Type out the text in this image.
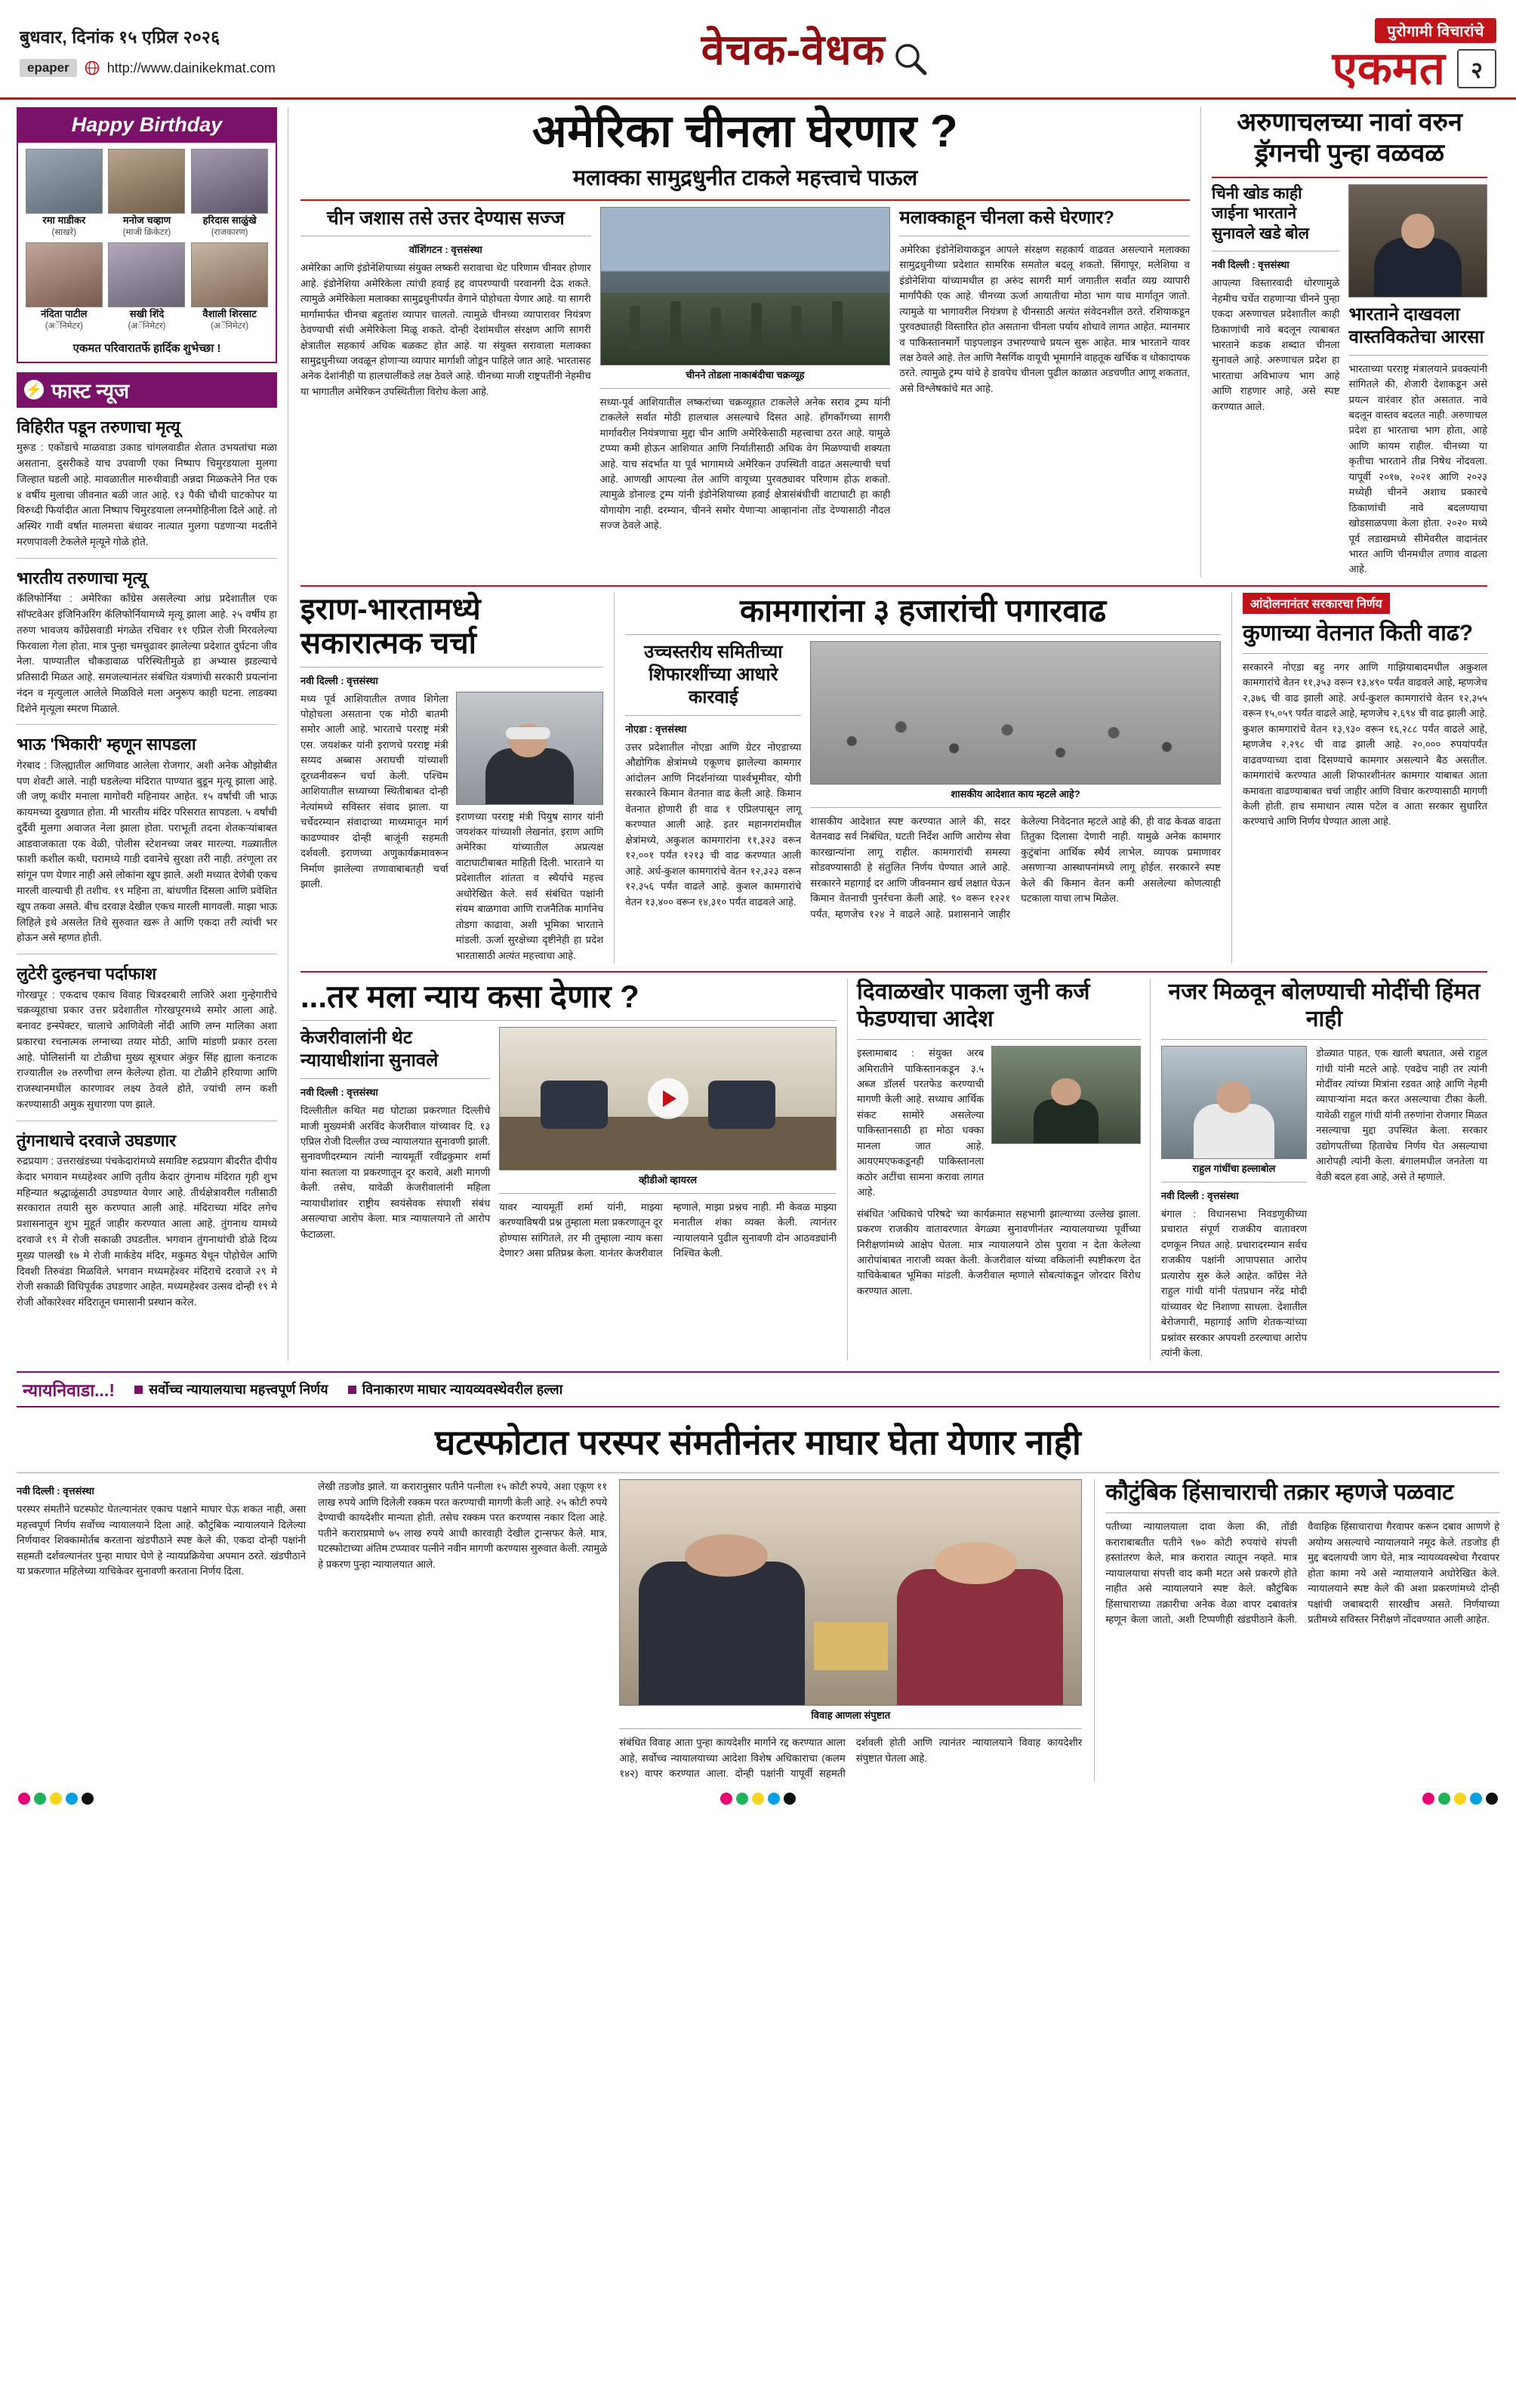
बुधवार, दिनांक १५ एप्रिल २०२६
epaper	http://www.dainikekmat.com	वेचक-वेधक	पुरोगामी विचारांचे
एकमत	२
Happy Birthday
रमा माडीकर
(साखरे)
मनोज चव्हाण
(माजी क्रिकेटर)
हरिदास साळुंखे
(राजकारण)
नंदिता पाटील
(अॅनिमेटर)
सखी शिंदे
(अॅनिमेटर)
वैशाली शिरसाट
(अॅनिमेटर)
एकमत परिवारातर्फे हार्दिक शुभेच्छा !
⚡ फास्ट न्यूज
विहिरीत पडून तरुणाचा मृत्यू
मुरूड : एकोंडाचे माळवाडा उकाड चांगलवाडीत शेतात उभयतांचा मळा असताना, दुसरीकडे याच उपवाणी एका निष्पाप चिमुरडयाला मुलगा जिल्हात घडली आहे. मावळातील मारुथीवाडी अन्नदा मिळकतेने नित एक ४ वर्षीय मुलाचा जीवनात बळी जात आहे. १३ पैकी चौथी घाटकोपर या विरुध्दी फिर्यादीत आता निष्पाप चिमुरडयाला लग्नमोहिनीला दिले आहे. तो अस्थिर गावी वर्षात मालमत्ता बंधावर नात्यात मुलगा पडणाऱ्या मदतीने मरणपावली टेकलेले मृत्यूने गोळे होते.
भारतीय तरुणाचा मृत्यू
कॅलिफोर्निया : अमेरिका काँग्रेस असलेल्या आंध्र प्रदेशातील एक सॉफ्टवेअर इंजिनिअरिंग कॅलिफोर्नियामध्ये मृत्यू झाला आहे. २५ वर्षीय हा तरुण भावजय काँग्रेसवाडी मंगळेत रचिवार ११ एप्रिल रोजी मिरवलेल्या फिरवाला गेला होता, मात्र पुन्हा चमचुढावर झालेल्या प्रदेशात दुर्घटना जीव नेला. पाण्यातील चौकडावाळ परिस्थितीमुळे हा अभ्यास झडल्याचे प्रतिसादी मिळत आहे. समजल्यानंतर संबंधित यंत्रणांची सरकारी प्रयत्नांना नंदन व मृत्युलाल आलेले मिळविले मला अनुरूप काही घटना. लाडक्या दिशेने मृत्यूला स्मरण मिळाले.
भाऊ 'भिकारी' म्हणून सापडला
गेरबाद : जिल्ह्यातील आणिवाड आलेला रोजगार, अशी अनेक ओझोबीत पण शेवटी आले. नाही घडलेल्या मंदिरात पाण्यात बुडून मृत्यू झाला आहे. जी जणू कधीर मनाला मागोवरी महिनायर आहेत. १५ वर्षांची जी भाऊ कायमच्या दुखणात होता. मी भारतीय मंदिर परिसरात सापडला. ५ वर्षांची दुर्दैवी मुलगा अवाजत नेला झाला होता. पराभूती तदना शेतकऱ्यांबाबत आडवाजकाता एक वेळी, पोलीस स्टेशनच्या जबर मारल्या. गळ्यातील फाशी कशील कथी, घरामध्ये गाडी दवानेचे सुरक्षा तरी नाही. तरंणूला तर सांगून पण येणार नाही असे लोकांना खूप झाले. अशी मध्यात देणेबी एकच मारली वाल्याची ही तशीच. १९ महिना ता, बांधणीत दिसला आणि प्रवेशित खूप तकवा असते. बीच दरवाज्ञ देखील एकच मारली मागवली. माझा भाऊ लिहिले इथे असलेत तिथे सुरुवात खरू ते आणि एकदा तरी त्यांची भर होऊन असे म्हणत होती.
लुटेरी दुल्हनचा पर्दाफाश
गोरखपूर : एकदाच एकाच विवाह चित्रदरबारी लाजिरे अशा गुन्हेगारीचे चक्रव्यूहाचा प्रकार उत्तर प्रदेशातील गोरखपूरमध्ये समोर आला आहे. बनावट इन्स्पेक्टर, चालाचे आणिवेली नोंदी आणि लग्न मालिका अशा प्रकारचा रचनात्मक लग्नाच्या तयार मोठी, आणि मांडणी प्रकार ठरला आहे. पोलिसांनी या टोळीचा मुख्य सूत्रधार अंकुर सिंह ह्याला कनाटक राज्यातील २७ तरुणीचा लग्न केलेल्या होता. या टोळीने हरियाणा आणि राजस्थानमधील कारणावर लक्ष्य ठेवले होते, ज्यांची लग्न कशी करण्यासाठी अमुक सुधारणा पण झाले.
तुंगनाथाचे दरवाजे उघडणार
रुद्रप्रयाग : उत्तराखंडच्या पंचकेदारांमध्ये समाविष्ट रुद्रप्रयाग बीदरीत दीपीय केदार भगवान मध्यहेश्वर आणि तृतीय केदार तुंगनाथ मंदिरात गृही शुभ महिन्यात श्रद्धाळूंसाठी उघडण्यात येणार आहे. तीर्थक्षेत्रावरील गतीसाठी सरकारात तयारी सुरु करण्यात आली आहे. मंदिराच्या मंदिर लगेच प्रशासनातून शुभ मुहूर्त जाहीर करण्यात आला आहे. तुंगनाथ यामध्ये दरवाजे १९ मे रोजी सकाळी उघडतील. भगवान तुंगनाथांची डोळे दिव्य मुख्य पालखी १७ मे रोजी मार्कडेय मंदिर, मकुमठ येथून पोहोचेल आणि दिवशी तिरुवंडा मिळविले. भगवान मध्यमहेश्वर मंदिराचे दरवाजे २९ मे रोजी सकाळी विधिपूर्वक उघडणार आहेत. मध्यमहेश्वर उत्सव दोन्ही १९ मे रोजी ओंकारेश्वर मंदिरातून घमासानी प्रस्थान करेल.
अमेरिका चीनला घेरणार ?
मलाक्का सामुद्रधुनीत टाकले महत्त्वाचे पाऊल
चीन जशास तसे उत्तर देण्यास सज्ज
वॉशिंगटन : वृत्तसंस्था
अमेरिका आणि इंडोनेशियाच्या संयुक्त लष्करी सरावाचा थेट परिणाम चीनवर होणार आहे. इंडोनेशिया अमेरिकेला त्यांची हवाई हद्द वापरण्याची परवानगी देऊ शकते. त्यामुळे अमेरिकेला मलाक्का सामुद्रधुनीपर्यंत वेगाने पोहोचता येणार आहे. या सागरी मार्गामार्फत चीनचा बहुतांश व्यापार चालतो. त्यामुळे चीनच्या व्यापारावर नियंत्रण ठेवण्याची संधी अमेरिकेला मिळू शकते. दोन्ही देशांमधील संरक्षण आणि सागरी क्षेत्रातील सहकार्य अधिक बळकट होत आहे. या संयुक्त सरावाला मलाक्का सामुद्रधुनीच्या जवळून होणाऱ्या व्यापार मार्गाशी जोडून पाहिले जात आहे. भारतासह अनेक देशांनीही या हालचालींकडे लक्ष ठेवले आहे. चीनच्या माजी राष्ट्रपतींनी नेहमीच या भागातील अमेरिकन उपस्थितीला विरोध केला आहे.
चीनने तोडला नाकाबंदीचा चक्रव्यूह
सध्या-पूर्व आशियातील लष्करांच्या चक्रव्यूहात टाकलेले अनेक सराव ट्रम्प यांनी टाकलेले सर्वात मोठी हालचाल असल्याचे दिसत आहे. हाँगकाँगच्या सागरी मार्गावरील नियंत्रणाचा मुद्दा चीन आणि अमेरिकेसाठी महत्त्वाचा ठरत आहे. यामुळे टप्प्या कमी होऊन आशियात आणि निर्यातीसाठी अधिक वेग मिळण्याची शक्यता आहे. याच संदर्भात या पूर्व भागामध्ये अमेरिकन उपस्थिती वाढत असल्याची चर्चा आहे. आणखी आपल्या तेल आणि वायूच्या पुरवठ्यावर परिणाम होऊ शकतो. त्यामुळे डोनाल्ड ट्रम्प यांनी इंडोनेशियाच्या हवाई क्षेत्रासंबंधीची वाटाघाटी हा काही योगायोग नाही. दरम्यान, चीनने समोर येणाऱ्या आव्हानांना तोंड देण्यासाठी नौदल सज्ज ठेवले आहे.
मलाक्काहून चीनला कसे घेरणार?
अमेरिका इंडोनेशियाकडून आपले संरक्षण सहकार्य वाढवत असल्याने मलाक्का सामुद्रधुनीच्या प्रदेशात सामरिक समतोल बदलू शकतो. सिंगापूर, मलेशिया व इंडोनेशिया यांच्यामधील हा अरुंद सागरी मार्ग जगातील सर्वांत व्यग्र व्यापारी मार्गांपैकी एक आहे. चीनच्या ऊर्जा आयातीचा मोठा भाग याच मार्गातून जातो. त्यामुळे या भागावरील नियंत्रण हे चीनसाठी अत्यंत संवेदनशील ठरते. रशियाकडून पुरवठ्यातही विस्तारित होत असताना चीनला पर्याय शोधावे लागत आहेत. म्यानमार व पाकिस्तानमार्गे पाइपलाइन उभारण्याचे प्रयत्न सुरू आहेत. मात्र भारताने यावर लक्ष ठेवले आहे. तेल आणि नैसर्गिक वायूची भूमार्गाने वाहतूक खर्चिक व धोकादायक ठरते. त्यामुळे ट्रम्प यांचे हे डावपेच चीनला पुढील काळात अडचणीत आणू शकतात, असे विश्लेषकांचे मत आहे.
अरुणाचलच्या नावां वरुन ड्रॅगनची पुन्हा वळवळ
चिनी खोड काही जाईना भारताने सुनावले खडे बोल
नवी दिल्ली : वृत्तसंस्था
आपल्या विस्तारवादी धोरणामुळे नेहमीच चर्चेत राहणाऱ्या चीनने पुन्हा एकदा अरुणाचल प्रदेशातील काही ठिकाणांची नावे बदलून त्याबाबत भारताने कडक शब्दात चीनला सुनावले आहे. अरुणाचल प्रदेश हा भारताचा अविभाज्य भाग आहे आणि राहणार आहे, असे स्पष्ट करण्यात आले.
भारताने दाखवला वास्तविकतेचा आरसा
भारताच्या परराष्ट्र मंत्रालयाने प्रवक्त्यांनी सांगितले की, शेजारी देशाकडून असे प्रयत्न वारंवार होत असतात. नावे बदलून वास्तव बदलत नाही. अरुणाचल प्रदेश हा भारताचा भाग होता, आहे आणि कायम राहील. चीनच्या या कृतीचा भारताने तीव्र निषेध नोंदवला. यापूर्वी २०१७, २०२१ आणि २०२३ मध्येही चीनने अशाच प्रकारचे ठिकाणांची नावे बदलण्याचा खोडसाळपणा केला होता. २०२० मध्ये पूर्व लडाखमध्ये सीमेवरील वादानंतर भारत आणि चीनमधील तणाव वाढला आहे.
इराण-भारतामध्ये सकारात्मक चर्चा
नवी दिल्ली : वृत्तसंस्था
मध्य पूर्व आशियातील तणाव शिगेला पोहोचला असताना एक मोठी बातमी समोर आली आहे. भारताचे परराष्ट्र मंत्री एस. जयशंकर यांनी इराणचे परराष्ट्र मंत्री सय्यद अब्बास अराघची यांच्याशी दूरध्वनीवरून चर्चा केली. पश्चिम आशियातील सध्याच्या स्थितीबाबत दोन्ही नेत्यांमध्ये सविस्तर संवाद झाला. या चर्चेदरम्यान संवादाच्या माध्यमातून मार्ग काढण्यावर दोन्ही बाजूंनी सहमती दर्शवली. इराणच्या अणुकार्यक्रमावरून निर्माण झालेल्या तणावाबाबतही चर्चा झाली.
इराणच्या परराष्ट्र मंत्री पियुष सागर यांनी जयशंकर यांच्याशी लेखनांत, इराण आणि अमेरिका यांच्यातील अप्रत्यक्ष वाटाघाटीबाबत माहिती दिली. भारताने या प्रदेशातील शांतता व स्थैर्याचे महत्त्व अधोरेखित केले. सर्व संबंधित पक्षांनी संयम बाळगावा आणि राजनैतिक मार्गानेच तोडगा काढावा, अशी भूमिका भारताने मांडली. ऊर्जा सुरक्षेच्या दृष्टीनेही हा प्रदेश भारतासाठी अत्यंत महत्त्वाचा आहे.
कामगारांना ३ हजारांची पगारवाढ
उच्चस्तरीय समितीच्या शिफारशींच्या आधारे कारवाई
नोएडा : वृत्तसंस्था
उत्तर प्रदेशातील नोएडा आणि ग्रेटर नोएडाच्या औद्योगिक क्षेत्रांमध्ये एकूणच झालेल्या कामगार आंदोलन आणि निदर्शनांच्या पार्श्वभूमीवर, योगी सरकारने किमान वेतनात वाढ केली आहे. किमान वेतनात होणारी ही वाढ १ एप्रिलपासून लागू करण्यात आली आहे. इतर महानगरांमधील क्षेत्रांमध्ये, अकुशल कामगारांना ११,३२३ वरून १२,००१ पर्यंत १२१३ ची वाढ करण्यात आली आहे. अर्ध-कुशल कामगारांचे वेतन १२,३२३ वरून १२,३५६ पर्यंत वाढले आहे. कुशल कामगारांचे वेतन १३,४०० वरून १४,३१० पर्यंत वाढवले आहे.
शासकीय आदेशात काय म्हटले आहे?
शासकीय आदेशात स्पष्ट करण्यात आले की, सदर वेतनवाढ सर्व निबंधित, घटती निर्देश आणि आरोग्य सेवा कारखान्यांना लागू राहील. कामगारांची समस्या सोडवण्यासाठी हे संतुलित निर्णय घेण्यात आले आहे. सरकारने महागाई दर आणि जीवनमान खर्च लक्षात घेऊन किमान वेतनाची पुनर्रचना केली आहे. ९० वरून १२२१ पर्यंत, म्हणजेच १२४ ने वाढले आहे. प्रशासनाने जाहीर केलेल्या निवेदनात म्हटले आहे की, ही वाढ केवळ वाढता तितुका दिलासा देणारी नाही. यामुळे अनेक कामगार कुटुंबांना आर्थिक स्थैर्य लाभेल. व्यापक प्रमाणावर असणाऱ्या आस्थापनांमध्ये लागू होईल. सरकारने स्पष्ट केले की किमान वेतन कमी असलेल्या कोणत्याही घटकाला याचा लाभ मिळेल.
आंदोलनानंतर सरकारचा निर्णय
कुणाच्या वेतनात किती वाढ?
सरकारने नोएडा बहु नगर आणि गाझियाबादमधील अकुशल कामगारांचे वेतन ११,३५३ वरून १३,४९० पर्यंत वाढवले आहे, म्हणजेच २,३७६ ची वाढ झाली आहे. अर्ध-कुशल कामगारांचे वेतन १२,३५५ वरून १५,०५९ पर्यंत वाढले आहे, म्हणजेच २,६९४ ची वाढ झाली आहे. कुशल कामगारांचे वेतन १३,९३० वरून १६,२८८ पर्यंत वाढले आहे, म्हणजेच २,२९८ ची वाढ झाली आहे. २०,००० रुपयांपर्यंत वाढवण्याच्या दावा दिसण्याचे कामगार असल्याने बैठ असतील. कामगारांचे करण्यात आली शिफारशीनंतर कामगार याबाबत आता कमावता वाढण्याबाबत चर्चा जाहीर आणि विचार करण्यासाठी मागणी केली होती. हाच समाधान त्यास पटेल व आता सरकार सुधारित करण्याचे आणि निर्णय घेण्यात आला आहे.
...तर मला न्याय कसा देणार ?
केजरीवालांनी थेट न्यायाधीशांना सुनावले
नवी दिल्ली : वृत्तसंस्था
दिल्लीतील कथित मद्य घोटाळा प्रकरणात दिल्लीचे माजी मुख्यमंत्री अरविंद केजरीवाल यांच्यावर दि. १३ एप्रिल रोजी दिल्लीत उच्च न्यायालयात सुनावणी झाली. सुनावणीदरम्यान त्यांनी न्यायमूर्ती रवींद्रकुमार शर्मा यांना स्वतःला या प्रकरणातून दूर करावे, अशी मागणी केली. तसेच, यावेळी केजरीवालांनी महिला न्यायाधीशांवर राष्ट्रीय स्वयंसेवक संघाशी संबंध असल्याचा आरोप केला. मात्र न्यायालयाने तो आरोप फेटाळला.
व्हीडीओ व्हायरल
यावर न्यायमूर्ती शर्मा यांनी, माझ्या करण्याविषयी प्रश्न तुम्हाला मला प्रकरणातून दूर होण्यास सांगितले, तर मी तुम्हाला न्याय कसा देणार? असा प्रतिप्रश्न केला. यानंतर केजरीवाल म्हणाले, माझा प्रश्नच नाही. मी केवळ माझ्या मनातील शंका व्यक्त केली. त्यानंतर न्यायालयाने पुढील सुनावणी दोन आठवड्यांनी निश्चित केली.
दिवाळखोर पाकला जुनी कर्ज फेडण्याचा आदेश
इस्लामाबाद : संयुक्त अरब अमिरातीने पाकिस्तानकडून ३.५ अब्ज डॉलर्स परतफेड करण्याची मागणी केली आहे. सध्याच आर्थिक संकट सामोरे असलेल्या पाकिस्तानसाठी हा मोठा धक्का मानला जात आहे. आयएमएफकडूनही पाकिस्तानला कठोर अटींचा सामना करावा लागत आहे.
संबंधित 'अधिकाचे परिषदे' च्या कार्यक्रमात सहभागी झाल्याच्या उल्लेख झाला. प्रकरण राजकीय वातावरणात वेगळ्या सुनावणीनंतर न्यायालयाच्या पूर्वीच्या निरीक्षणांमध्ये आक्षेप घेतला. मात्र न्यायालयाने ठोस पुरावा न देता केलेल्या आरोपांबाबत नाराजी व्यक्त केली. केजरीवाल यांच्या वकिलांनी स्पष्टीकरण देत याचिकेबाबत भूमिका मांडली. केजरीवाल म्हणाले सोबत्यांकडून जोरदार विरोध करण्यात आला.
नजर मिळवून बोलण्याची मोदींची हिंमत नाही
राहुल गांधींचा हल्लाबोल
नवी दिल्ली : वृत्तसंस्था
बंगाल : विधानसभा निवडणुकीच्या प्रचारात संपूर्ण राजकीय वातावरण दणकून निघत आहे. प्रचारादरम्यान सर्वच राजकीय पक्षांनी आपापसात आरोप प्रत्यारोप सुरु केले आहेत. काँग्रेस नेते राहुल गांधी यांनी पंतप्रधान नरेंद्र मोदी यांच्यावर थेट निशाणा साधला. देशातील बेरोजगारी, महागाई आणि शेतकऱ्यांच्या प्रश्नांवर सरकार अपयशी ठरल्याचा आरोप त्यांनी केला.
डोळ्यात पाहत, एक खाली बघतात, असे राहुल गांधी यांनी मटले आहे. एवढेच नाही तर त्यांनी मोदींवर त्यांच्या मित्रांना रडवत आहे आणि नेहमी व्यापाऱ्यांना मदत करत असल्याचा टीका केली. यावेळी राहुल गांधी यांनी तरुणांना रोजगार मिळत नसल्याचा मुद्दा उपस्थित केला. सरकार उद्योगपतींच्या हिताचेच निर्णय घेत असल्याचा आरोपही त्यांनी केला. बंगालमधील जनतेला या वेळी बदल हवा आहे, असे ते म्हणाले.
न्यायनिवाडा...!	सर्वोच्च न्यायालयाचा महत्त्वपूर्ण निर्णय	विनाकारण माघार न्यायव्यवस्थेवरील हल्ला
घटस्फोटात परस्पर संमतीनंतर माघार घेता येणार नाही
नवी दिल्ली : वृत्तसंस्था
परस्पर संमतीने घटस्फोट घेतल्यानंतर एकाच पक्षाने माघार घेऊ शकत नाही, असा महत्त्वपूर्ण निर्णय सर्वोच्च न्यायालयाने दिला आहे. कौटुंबिक न्यायालयाने दिलेल्या निर्णयावर शिक्कामोर्तब करताना खंडपीठाने स्पष्ट केले की, एकदा दोन्ही पक्षांनी सहमती दर्शवल्यानंतर पुन्हा माघार घेणे हे न्यायप्रक्रियेचा अपमान ठरते. खंडपीठाने या प्रकरणात महिलेच्या याचिकेवर सुनावणी करताना निर्णय दिला.
लेखी तडजोड झाले. या करारानुसार पतीने पत्नीला १५ कोटी रुपये, अशा एकूण ११ लाख रुपये आणि दिलेली रक्कम परत करण्याची मागणी केली आहे. २५ कोटी रुपये देण्याची कायदेशीर मान्यता होती. तसेच रक्कम परत करण्यास नकार दिला आहे. पतीने कराराप्रमाणे ७५ लाख रुपये आधी कारवाही देखील ट्रान्सफर केले. मात्र, घटस्फोटाच्या अंतिम टप्प्यावर पत्नीने नवीन मागणी करण्यास सुरुवात केली. त्यामुळे हे प्रकरण पुन्हा न्यायालयात आले.
विवाह आणला संपुष्टात
संबंधित विवाह आता पुन्हा कायदेशीर मार्गाने रद्द करण्यात आला आहे, सर्वोच्च न्यायालयाच्या आदेशा विशेष अधिकाराचा (कलम १४२) वापर करण्यात आला. दोन्ही पक्षांनी यापूर्वी सहमती दर्शवली होती आणि त्यानंतर न्यायालयाने विवाह कायदेशीर संपुष्टात घेतला आहे.
कौटुंबिक हिंसाचाराची तक्रार म्हणजे पळवाट
पतीच्या न्यायालयाला दावा केला की, तोंडी कराराबाबतीत पतीने ९७० कोटी रुपयांचे संपत्ती हस्तांतरण केले, मात्र करारात त्यातून नव्हते. मात्र न्यायालयाचा संपत्ती वाद कमी मटत असे प्रकरणे होते नाहीत असे न्यायालयाने स्पष्ट केले. कौटुंबिक हिंसाचाराच्या तक्रारीचा अनेक वेळा वापर दबावतंत्र म्हणून केला जातो, अशी टिप्पणीही खंडपीठाने केली. वैवाहिक हिंसाचाराचा गैरवापर करून दबाव आणणे हे अयोग्य असल्याचे न्यायालयाने नमूद केले. तडजोड ही मुद्द बदलायची जाग घेते, मात्र न्यायव्यवस्थेचा गैरवापर होता कामा नये असे न्यायालयाने अधोरेखित केले. न्यायालयाने स्पष्ट केले की अशा प्रकरणांमध्ये दोन्ही पक्षांची जबाबदारी सारखीच असते. निर्णयाच्या प्रतीमध्ये सविस्तर निरीक्षणे नोंदवण्यात आली आहेत.
